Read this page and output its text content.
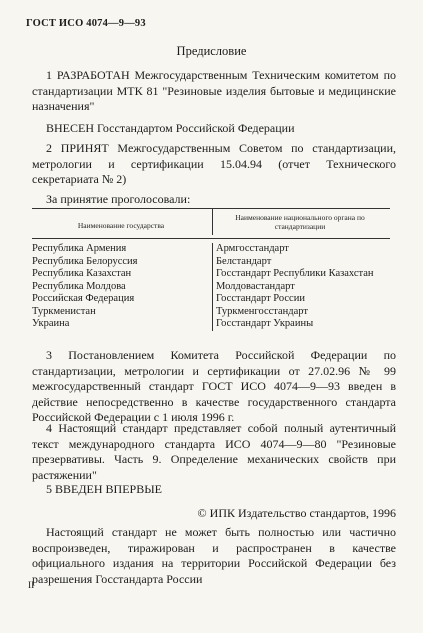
ГОСТ ИСО 4074—9—93
Предисловие
1 РАЗРАБОТАН Межгосударственным Техническим комитетом по стандартизации МТК 81 "Резиновые изделия бытовые и медицинские назначения"
ВНЕСЕН Госстандартом Российской Федерации
2 ПРИНЯТ Межгосударственным Советом по стандартизации, метрологии и сертификации 15.04.94 (отчет Технического секретариата № 2)
За принятие проголосовали:
Наименование государства
Наименование национального органа по стандартизации
Республика Армения
Республика Белоруссия
Республика Казахстан
Республика Молдова
Российская Федерация
Туркменистан
Украина
Армгосстандарт
Белстандарт
Госстандарт Республики Казахстан
Молдовастандарт
Госстандарт России
Туркменгосстандарт
Госстандарт Украины
3 Постановлением Комитета Российской Федерации по стандартизации, метрологии и сертификации от 27.02.96 № 99 межгосударственный стандарт ГОСТ ИСО 4074—9—93 введен в действие непосредственно в качестве государственного стандарта Российской Федерации с 1 июля 1996 г.
4 Настоящий стандарт представляет собой полный аутентичный текст международного стандарта ИСО 4074—9—80 "Резиновые презервативы. Часть 9. Определение механических свойств при растяжении"
5 ВВЕДЕН ВПЕРВЫЕ
© ИПК Издательство стандартов, 1996
Настоящий стандарт не может быть полностью или частично воспроизведен, тиражирован и распространен в качестве официального издания на территории Российской Федерации без разрешения Госстандарта России
II
